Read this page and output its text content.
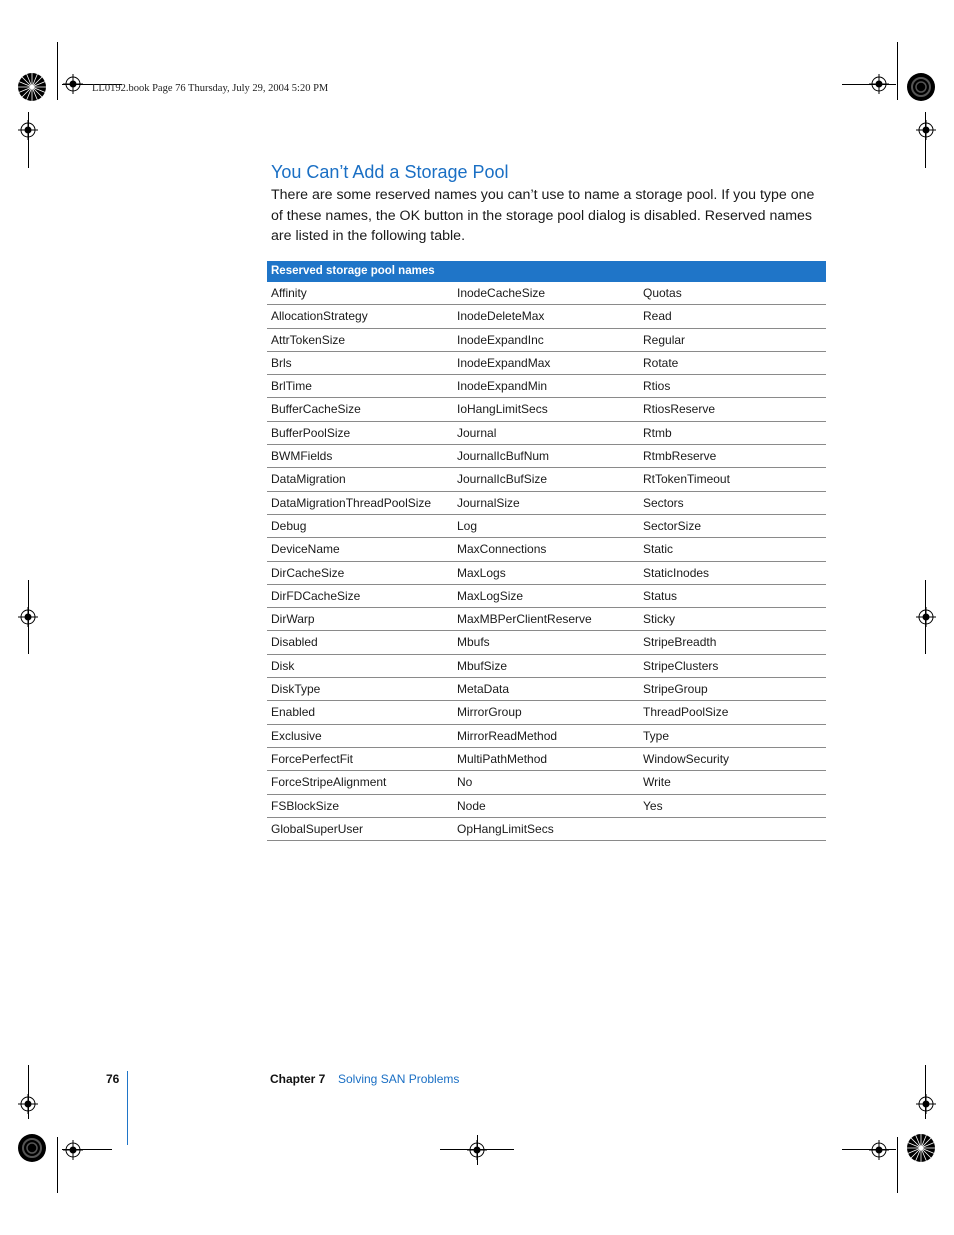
LL0192.book Page 76 Thursday, July 29, 2004 5:20 PM
You Can’t Add a Storage Pool

There are some reserved names you can’t use to name a storage pool. If you type one of these names, the OK button in the storage pool dialog is disabled. Reserved names are listed in the following table.

Reserved storage pool names
Affinity	InodeCacheSize	Quotas
AllocationStrategy	InodeDeleteMax	Read
AttrTokenSize	InodeExpandInc	Regular
Brls	InodeExpandMax	Rotate
BrlTime	InodeExpandMin	Rtios
BufferCacheSize	IoHangLimitSecs	RtiosReserve
BufferPoolSize	Journal	Rtmb
BWMFields	JournalIcBufNum	RtmbReserve
DataMigration	JournalIcBufSize	RtTokenTimeout
DataMigrationThreadPoolSize	JournalSize	Sectors
Debug	Log	SectorSize
DeviceName	MaxConnections	Static
DirCacheSize	MaxLogs	StaticInodes
DirFDCacheSize	MaxLogSize	Status
DirWarp	MaxMBPerClientReserve	Sticky
Disabled	Mbufs	StripeBreadth
Disk	MbufSize	StripeClusters
DiskType	MetaData	StripeGroup
Enabled	MirrorGroup	ThreadPoolSize
Exclusive	MirrorReadMethod	Type
ForcePerfectFit	MultiPathMethod	WindowSecurity
ForceStripeAlignment	No	Write
FSBlockSize	Node	Yes
GlobalSuperUser	OpHangLimitSecs
76	Chapter 7 Solving SAN Problems
